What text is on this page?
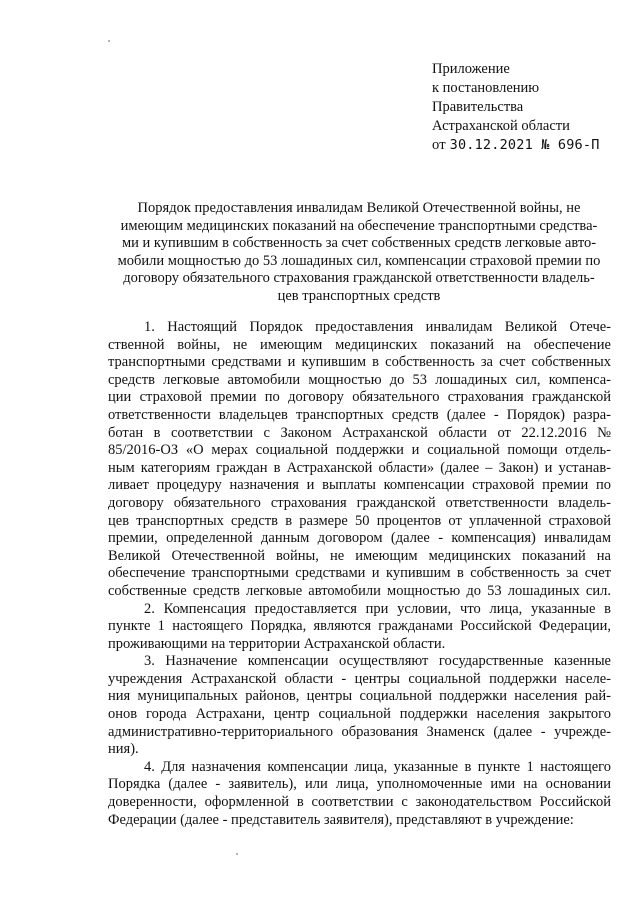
Приложение
к постановлению
Правительства
Астраханской области
от 30.12.2021 № 696-П
Порядок предоставления инвалидам Великой Отечественной войны, не
имеющим медицинских показаний на обеспечение транспортными средства-
ми и купившим в собственность за счет собственных средств легковые авто-
мобили мощностью до 53 лошадиных сил, компенсации страховой премии по
договору обязательного страхования гражданской ответственности владель-
цев транспортных средств

1. Настоящий Порядок предоставления инвалидам Великой Отече-
ственной войны, не имеющим медицинских показаний на обеспечение
транспортными средствами и купившим в собственность за счет собственных
средств легковые автомобили мощностью до 53 лошадиных сил, компенса-
ции страховой премии по договору обязательного страхования гражданской
ответственности владельцев транспортных средств (далее - Порядок) разра-
ботан в соответствии с Законом Астраханской области от 22.12.2016 №
85/2016-ОЗ «О мерах социальной поддержки и социальной помощи отдель-
ным категориям граждан в Астраханской области» (далее – Закон) и устанав-
ливает процедуру назначения и выплаты компенсации страховой премии по
договору обязательного страхования гражданской ответственности владель-
цев транспортных средств в размере 50 процентов от уплаченной страховой
премии, определенной данным договором (далее - компенсация) инвалидам
Великой Отечественной войны, не имеющим медицинских показаний на
обеспечение транспортными средствами и купившим в собственность за счет
собственные средств легковые автомобили мощностью до 53 лошадиных сил.

2. Компенсация предоставляется при условии, что лица, указанные в
пункте 1 настоящего Порядка, являются гражданами Российской Федерации,
проживающими на территории Астраханской области.

3. Назначение компенсации осуществляют государственные казенные
учреждения Астраханской области - центры социальной поддержки населе-
ния муниципальных районов, центры социальной поддержки населения рай-
онов города Астрахани, центр социальной поддержки населения закрытого
административно-территориального образования Знаменск (далее - учрежде-
ния).

4. Для назначения компенсации лица, указанные в пункте 1 настоящего
Порядка (далее - заявитель), или лица, уполномоченные ими на основании
доверенности, оформленной в соответствии с законодательством Российской
Федерации (далее - представитель заявителя), представляют в учреждение:
